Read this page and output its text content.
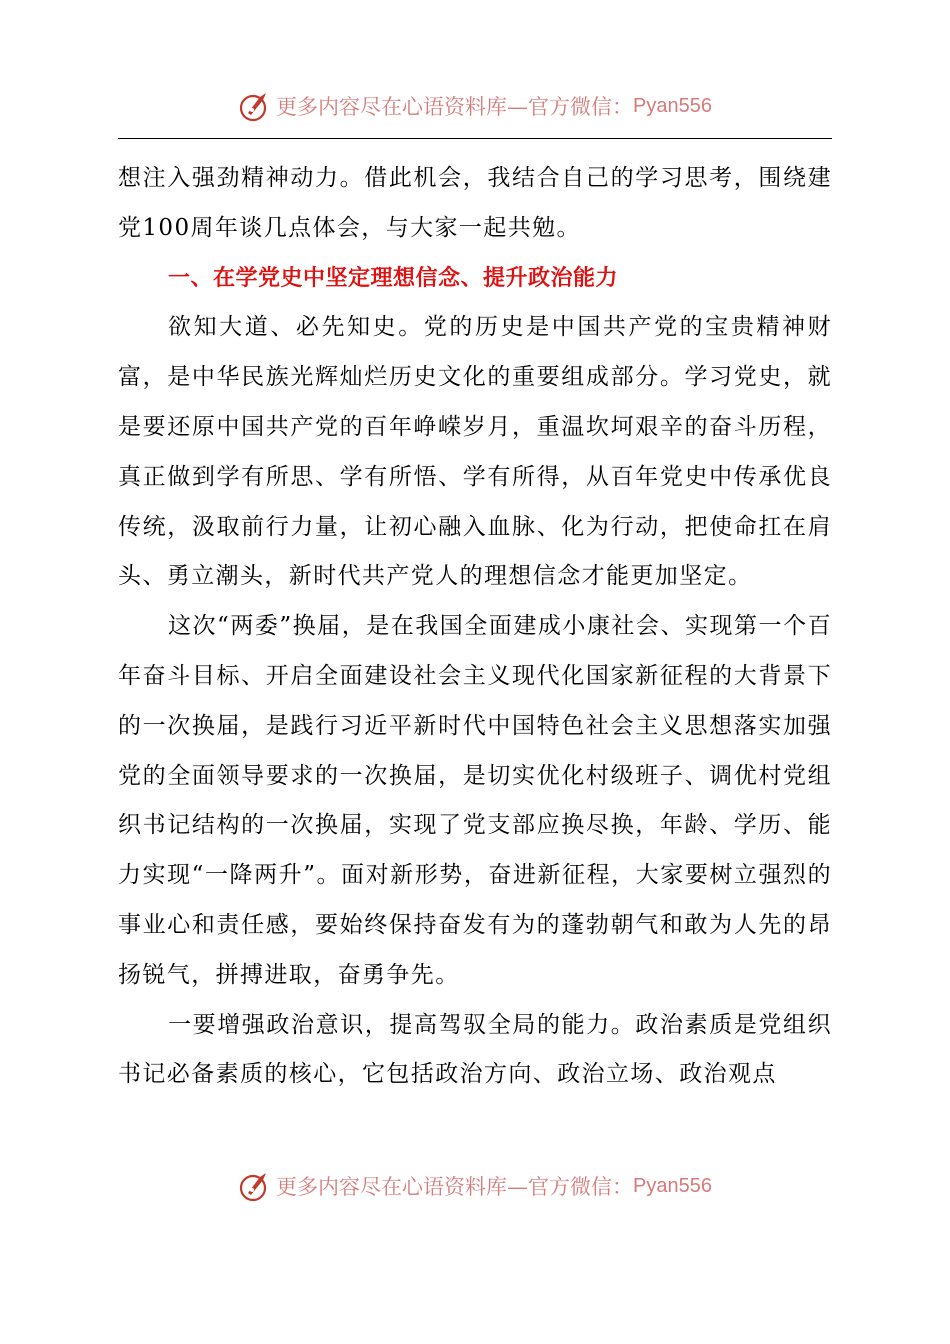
更多内容尽在心语资料库—官方微信： Pyan556

想注入强劲精神动力。借此机会，我结合自己的学习思考，围绕建党100周年谈几点体会，与大家一起共勉。

一、在学党史中坚定理想信念、提升政治能力

欲知大道、必先知史。党的历史是中国共产党的宝贵精神财富，是中华民族光辉灿烂历史文化的重要组成部分。学习党史，就是要还原中国共产党的百年峥嵘岁月，重温坎坷艰辛的奋斗历程，真正做到学有所思、学有所悟、学有所得，从百年党史中传承优良传统，汲取前行力量，让初心融入血脉、化为行动，把使命扛在肩头、勇立潮头，新时代共产党人的理想信念才能更加坚定。

这次“两委”换届，是在我国全面建成小康社会、实现第一个百年奋斗目标、开启全面建设社会主义现代化国家新征程的大背景下的一次换届，是践行习近平新时代中国特色社会主义思想落实加强党的全面领导要求的一次换届，是切实优化村级班子、调优村党组织书记结构的一次换届，实现了党支部应换尽换，年龄、学历、能力实现“一降两升”。面对新形势，奋进新征程，大家要树立强烈的事业心和责任感，要始终保持奋发有为的蓬勃朝气和敢为人先的昂扬锐气，拼搏进取，奋勇争先。

一要增强政治意识，提高驾驭全局的能力。政治素质是党组织书记必备素质的核心，它包括政治方向、政治立场、政治观点

更多内容尽在心语资料库—官方微信： Pyan556
